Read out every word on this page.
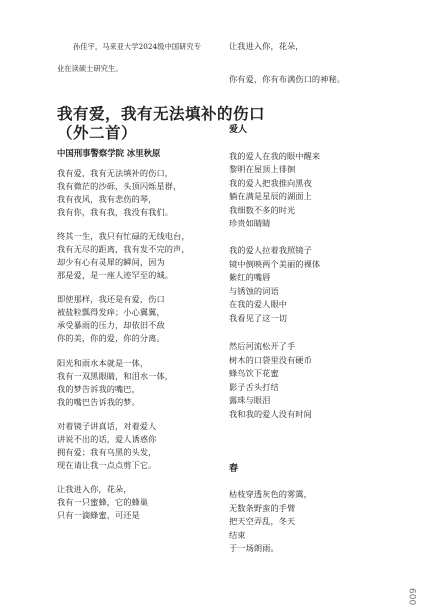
孙佳宇，马来亚大学2024级中国研究专
业在读硕士研究生。
我有爱，我有无法填补的伤口
（外二首）
中国刑事警察学院 冰里秋原
我有爱，我有无法填补的伤口，
我有微茫的沙砾，头顶闪烁星群，
我有夜风，我有悲伤的琴，
我有你，我有我，我没有我们。
终其一生，我只有忙碌的无线电台，
我有无尽的距离，我有发不完的声，
却少有心有灵犀的瞬间，因为
那是爱，是一座人迹罕至的城。
即使那样，我还是有爱，伤口
被盐粒瓢得发痒；小心翼翼，
承受暴雨的压力，却依旧不敌
你的美，你的爱，你的分离。
阳光和雨水本就是一体，
我有一双黑眼睛，和泪水一体，
我的梦告诉我的嘴巴，
我的嘴巴告诉我的梦。
对着镜子讲真话，对着爱人
讲说不出的话，爱人诱惑你
拥有爱；我有乌黑的头发，
现在请让我一点点剪下它。
让我进入你，花朵，
我有一只蜜蜂，它的蜂巢
只有一滴蜂蜜，可还是
让我进入你，花朵，
你有爱，你有布满伤口的神秘。
爱人
我的爱人在我的眼中醒来
黎明在屋顶上徘徊
我的爱人把我推向黑夜
躺在满是星辰的湖面上
我细数不多的时光
珍贵如睛睛
我的爱人拉着我照镜子
镜中倒映两个美丽的裸体
紫红的嘴唇
与锈蚀的词语
在我的爱人眼中
我看见了这一切
然后河流松开了手
树木的口袋里没有硬币
蜂鸟饮下花蜜
影子舌头打结
露珠与眼泪
我和我的爱人没有时间
春
枯枝穿透灰色的雾霭，
无数条野蛮的手臂
把天空弄乱，冬天
结束
于一场朗雨。
009
